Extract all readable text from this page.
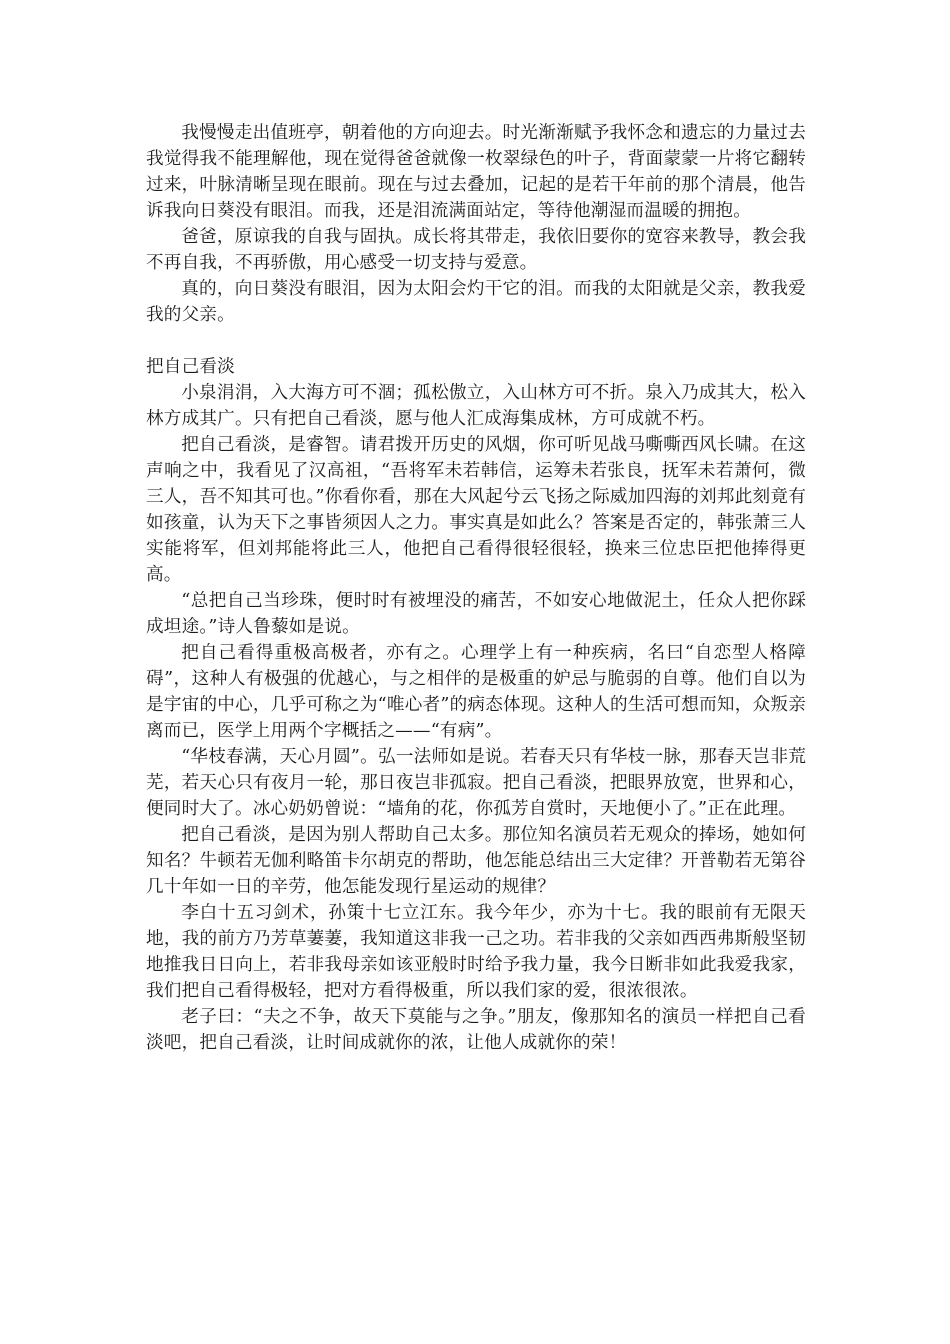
我慢慢走出值班亭，朝着他的方向迎去。时光渐渐赋予我怀念和遗忘的力量过去我觉得我不能理解他，现在觉得爸爸就像一枚翠绿色的叶子，背面蒙蒙一片将它翻转过来，叶脉清晰呈现在眼前。现在与过去叠加，记起的是若干年前的那个清晨，他告诉我向日葵没有眼泪。而我，还是泪流满面站定，等待他潮湿而温暖的拥抱。

爸爸，原谅我的自我与固执。成长将其带走，我依旧要你的宽容来教导，教会我不再自我，不再骄傲，用心感受一切支持与爱意。

真的，向日葵没有眼泪，因为太阳会灼干它的泪。而我的太阳就是父亲，教我爱我的父亲。

把自己看淡

小泉涓涓，入大海方可不涸；孤松傲立，入山林方可不折。泉入乃成其大，松入林方成其广。只有把自己看淡，愿与他人汇成海集成林，方可成就不朽。

把自己看淡，是睿智。请君拨开历史的风烟，你可听见战马嘶嘶西风长啸。在这声响之中，我看见了汉高祖，“吾将军未若韩信，运筹未若张良，抚军未若萧何，微三人，吾不知其可也。”你看你看，那在大风起兮云飞扬之际威加四海的刘邦此刻竟有如孩童，认为天下之事皆须因人之力。事实真是如此么？答案是否定的，韩张萧三人实能将军，但刘邦能将此三人，他把自己看得很轻很轻，换来三位忠臣把他捧得更高。

“总把自己当珍珠，便时时有被埋没的痛苦，不如安心地做泥土，任众人把你踩成坦途。”诗人鲁藜如是说。

把自己看得重极高极者，亦有之。心理学上有一种疾病，名曰“自恋型人格障碍”，这种人有极强的优越心，与之相伴的是极重的妒忌与脆弱的自尊。他们自以为是宇宙的中心，几乎可称之为“唯心者”的病态体现。这种人的生活可想而知，众叛亲离而已，医学上用两个字概括之——“有病”。

“华枝春满，天心月圆”。弘一法师如是说。若春天只有华枝一脉，那春天岂非荒芜，若天心只有夜月一轮，那日夜岂非孤寂。把自己看淡，把眼界放宽，世界和心，便同时大了。冰心奶奶曾说：“墙角的花，你孤芳自赏时，天地便小了。”正在此理。

把自己看淡，是因为别人帮助自己太多。那位知名演员若无观众的捧场，她如何知名？牛顿若无伽利略笛卡尔胡克的帮助，他怎能总结出三大定律？开普勒若无第谷几十年如一日的辛劳，他怎能发现行星运动的规律？

李白十五习剑术，孙策十七立江东。我今年少，亦为十七。我的眼前有无限天地，我的前方乃芳草萋萋，我知道这非我一己之功。若非我的父亲如西西弗斯般坚韧地推我日日向上，若非我母亲如该亚般时时给予我力量，我今日断非如此我爱我家，我们把自己看得极轻，把对方看得极重，所以我们家的爱，很浓很浓。

老子曰：“夫之不争，故天下莫能与之争。”朋友，像那知名的演员一样把自己看淡吧，把自己看淡，让时间成就你的浓，让他人成就你的荣！
